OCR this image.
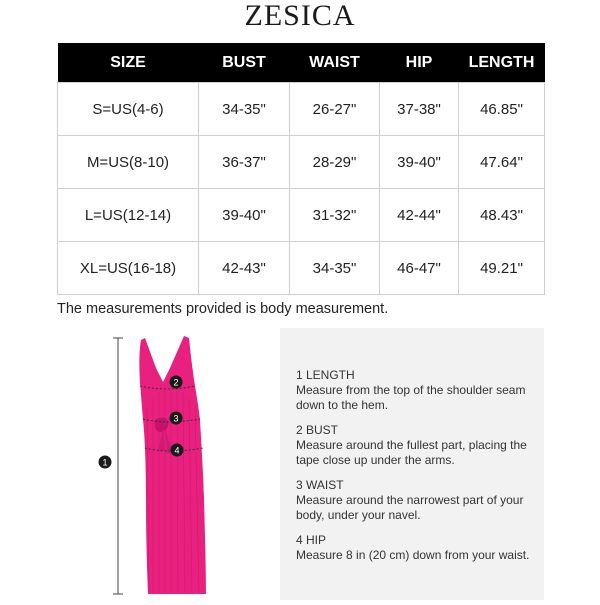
ZESICA
SIZE	BUST	WAIST	HIP	LENGTH
S=US(4-6)	34-35"	26-27"	37-38"	46.85"
M=US(8-10)	36-37"	28-29"	39-40"	47.64"
L=US(12-14)	39-40"	31-32"	42-44"	48.43"
XL=US(16-18)	42-43"	34-35"	46-47"	49.21"
The measurements provided is body measurement.
1
2
3
4
1 LENGTH
Measure from the top of the shoulder seam down to the hem.
2 BUST
Measure around the fullest part, placing the tape close up under the arms.
3 WAIST
Measure around the narrowest part of your body, under your navel.
4 HIP
Measure 8 in (20 cm) down from your waist.
